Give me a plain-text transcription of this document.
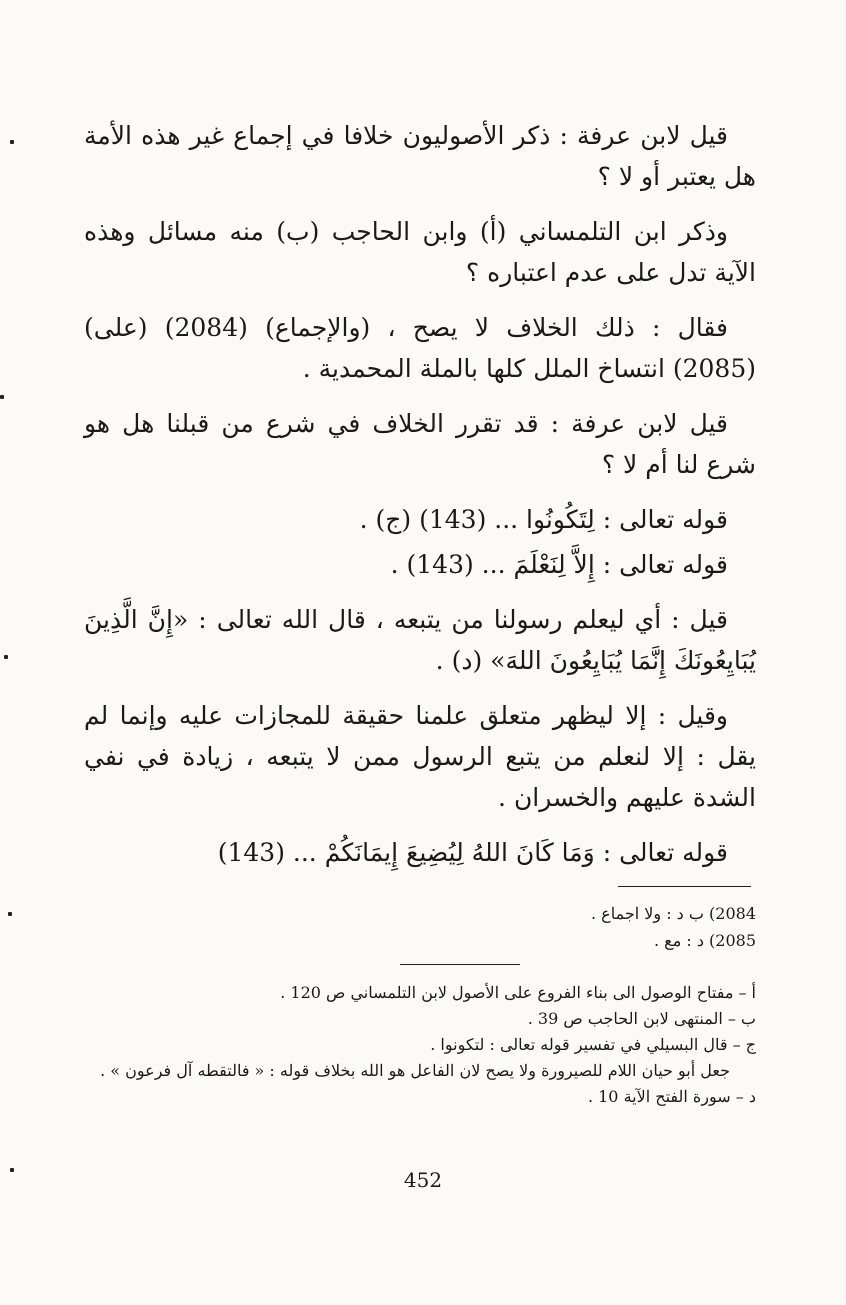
قيل لابن عرفة : ذكر الأصوليون خلافا في إجماع غير هذه الأمة هل يعتبر أو لا ؟

وذكر ابن التلمساني (أ) وابن الحاجب (ب) منه مسائل وهذه الآية تدل على عدم اعتباره ؟

فقال : ذلك الخلاف لا يصح ، (والإجماع) (2084) (على) (2085) انتساخ الملل كلها بالملة المحمدية .

قيل لابن عرفة : قد تقرر الخلاف في شرع من قبلنا هل هو شرع لنا أم لا ؟

قوله تعالى : لِتَكُونُوا ... (143) (ج) .

قوله تعالى : إِلاَّ لِنَعْلَمَ ... (143) .

قيل : أي ليعلم رسولنا من يتبعه ، قال الله تعالى : «إِنَّ الَّذِينَ يُبَايِعُونَكَ إِنَّمَا يُبَايِعُونَ اللهَ» (د) .

وقيل : إلا ليظهر متعلق علمنا حقيقة للمجازات عليه وإنما لم يقل : إلا لنعلم من يتبع الرسول ممن لا يتبعه ، زيادة في نفي الشدة عليهم والخسران .

قوله تعالى : وَمَا كَانَ اللهُ لِيُضِيعَ إِيمَانَكُمْ ... (143)

2084) ب د : ولا اجماع .
2085) د : مع .
أ – مفتاح الوصول الى بناء الفروع على الأصول لابن التلمساني ص 120 .
ب – المنتهى لابن الحاجب ص 39 .
ج – قال البسيلي في تفسير قوله تعالى : لتكونوا .
جعل أبو حيان اللام للصيرورة ولا يصح لان الفاعل هو الله بخلاف قوله : « فالتقطه آل فرعون » .
د – سورة الفتح الآية 10 .
452
